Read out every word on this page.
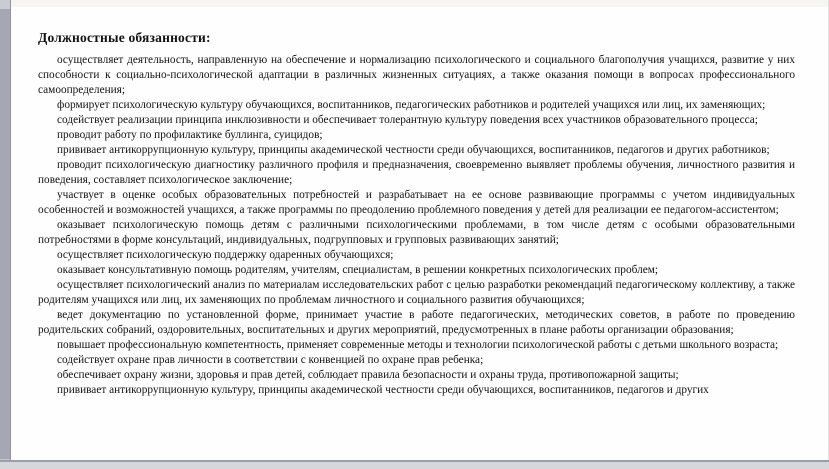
Должностные обязанности:

осуществляет деятельность, направленную на обеспечение и нормализацию психологического и социального благополучия учащихся, развитие у них способности к социально-психологической адаптации в различных жизненных ситуациях, а также оказания помощи в вопросах профессионального самоопределения;

формирует психологическую культуру обучающихся, воспитанников, педагогических работников и родителей учащихся или лиц, их заменяющих;

содействует реализации принципа инклюзивности и обеспечивает толерантную культуру поведения всех участников образовательного процесса;

проводит работу по профилактике буллинга, суицидов;

прививает антикоррупционную культуру, принципы академической честности среди обучающихся, воспитанников, педагогов и других работников;

проводит психологическую диагностику различного профиля и предназначения, своевременно выявляет проблемы обучения, личностного развития и поведения, составляет психологическое заключение;

участвует в оценке особых образовательных потребностей и разрабатывает на ее основе развивающие программы с учетом индивидуальных особенностей и возможностей учащихся, а также программы по преодолению проблемного поведения у детей для реализации ее педагогом-ассистентом;

оказывает психологическую помощь детям с различными психологическими проблемами, в том числе детям с особыми образовательными потребностями в форме консультаций, индивидуальных, подгрупповых и групповых развивающих занятий;

осуществляет психологическую поддержку одаренных обучающихся;

оказывает консультативную помощь родителям, учителям, специалистам, в решении конкретных психологических проблем;

осуществляет психологический анализ по материалам исследовательских работ с целью разработки рекомендаций педагогическому коллективу, а также родителям учащихся или лиц, их заменяющих по проблемам личностного и социального развития обучающихся;

ведет документацию по установленной форме, принимает участие в работе педагогических, методических советов, в работе по проведению родительских собраний, оздоровительных, воспитательных и других мероприятий, предусмотренных в плане работы организации образования;

повышает профессиональную компетентность, применяет современные методы и технологии психологической работы с детьми школьного возраста;

содействует охране прав личности в соответствии с конвенцией по охране прав ребенка;

обеспечивает охрану жизни, здоровья и прав детей, соблюдает правила безопасности и охраны труда, противопожарной защиты;

прививает антикоррупционную культуру, принципы академической честности среди обучающихся, воспитанников, педагогов и других
